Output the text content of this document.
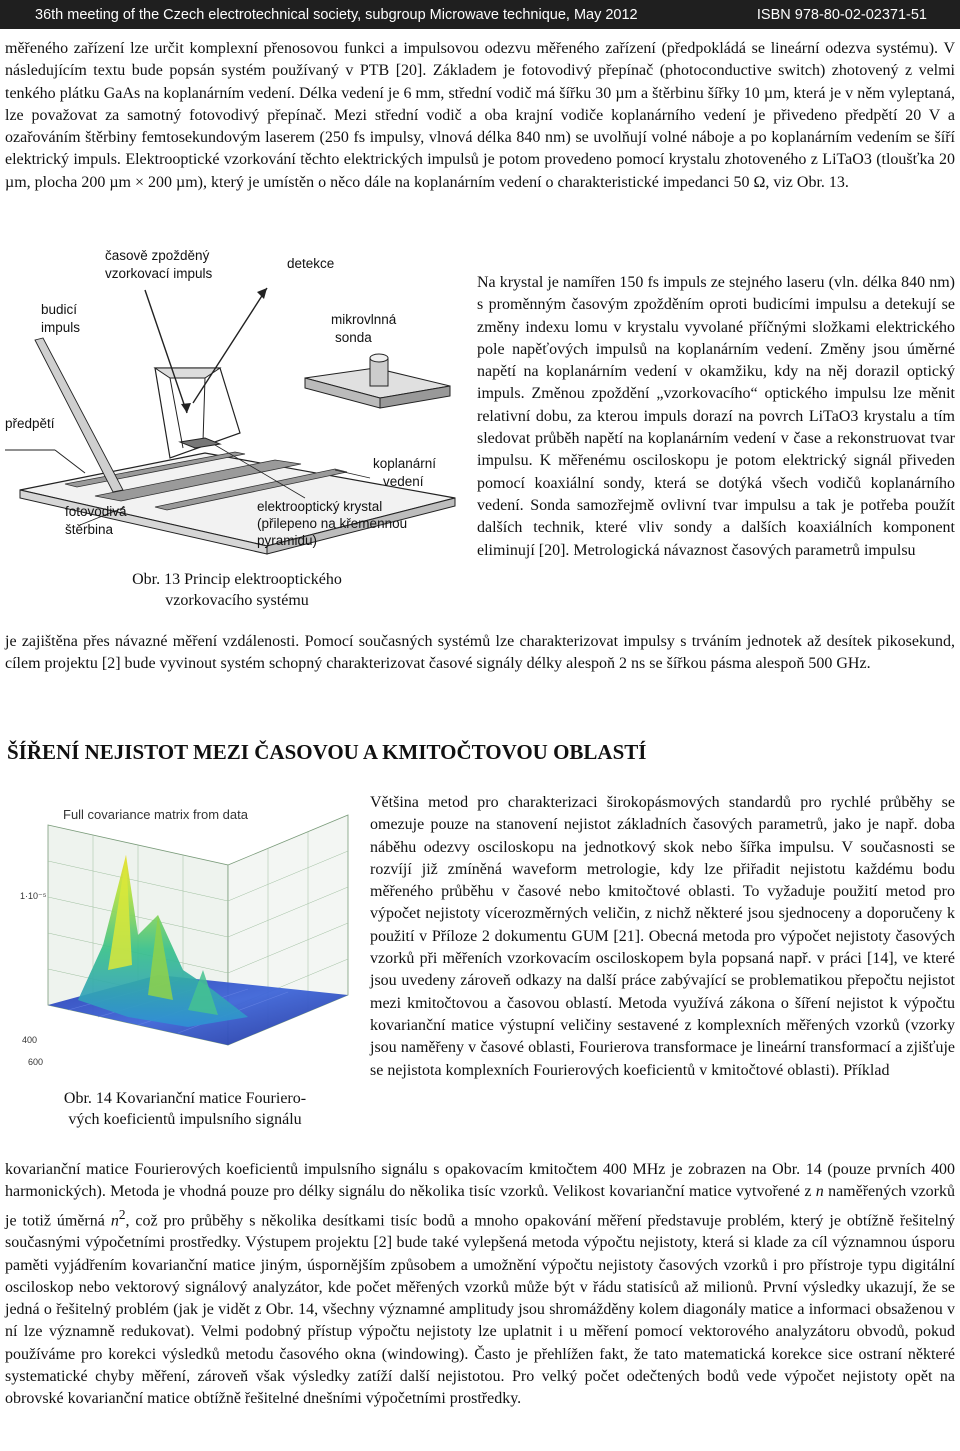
36th meeting of the Czech electrotechnical society, subgroup Microwave technique, May 2012	ISBN 978-80-02-02371-51

měřeného zařízení lze určit komplexní přenosovou funkci a impulsovou odezvu měřeného zařízení (předpokládá se lineární odezva systému). V následujícím textu bude popsán systém používaný v PTB [20]. Základem je fotovodivý přepínač (photoconductive switch) zhotovený z velmi tenkého plátku GaAs na koplanárním vedení. Délka vedení je 6 mm, střední vodič má šířku 30 µm a štěrbinu šířky 10 µm, která je v něm vyleptaná, lze považovat za samotný fotovodivý přepínač. Mezi střední vodič a oba krajní vodiče koplanárního vedení je přivedeno předpětí 20 V a ozařováním štěrbiny femtosekundovým laserem (250 fs impulsy, vlnová délka 840 nm) se uvolňují volné náboje a po koplanárním vedením se šíří elektrický impuls. Elektrooptické vzorkování těchto elektrických impulsů je potom provedeno pomocí krystalu zhotoveného z LiTaO3 (tloušťka 20 µm, plocha 200 µm × 200 µm), který je umístěn o něco dále na koplanárním vedení o charakteristické impedanci 50 Ω, viz Obr. 13.

časově zpožděný
vzorkovací impuls
detekce
budicí
impuls
mikrovlnná
sonda
předpětí
koplanární
vedení
fotovodivá
štěrbina
elektrooptický krystal
(přilepeno na křemennou
pyramidu)
Obr. 13 Princip elektrooptického
vzorkovacího systému

Na krystal je namířen 150 fs impuls ze stejného laseru (vln. délka 840 nm) s proměnným časovým zpožděním oproti budicími impulsu a detekují se změny indexu lomu v krystalu vyvolané příčnými složkami elektrického pole napěťových impulsů na koplanárním vedení. Změny jsou úměrné napětí na koplanárním vedení v okamžiku, kdy na něj dorazil optický impuls. Změnou zpoždění „vzorkovacího“ optického impulsu lze měnit relativní dobu, za kterou impuls dorazí na povrch LiTaO3 krystalu a tím sledovat průběh napětí na koplanárním vedení v čase a rekonstruovat tvar impulsu. K měřenému osciloskopu je potom elektrický signál přiveden pomocí koaxiální sondy, která se dotýká všech vodičů koplanárního vedení. Sonda samozřejmě ovlivní tvar impulsu a tak je potřeba použít dalších technik, které vliv sondy a dalších koaxiálních komponent eliminují [20]. Metrologická návaznost časových parametrů impulsu

je zajištěna přes návazné měření vzdálenosti. Pomocí současných systémů lze charakterizovat impulsy s trváním jednotek až desítek pikosekund, cílem projektu [2] bude vyvinout systém schopný charakterizovat časové signály délky alespoň 2 ns se šířkou pásma alespoň 500 GHz.

ŠÍŘENÍ NEJISTOT MEZI ČASOVOU A KMITOČTOVOU OBLASTÍ
Full covariance matrix from data
1·10⁻⁵
400
600
Obr. 14 Kovarianční matice Fouriero-
vých koeficientů impulsního signálu

Většina metod pro charakterizaci širokopásmových standardů pro rychlé průběhy se omezuje pouze na stanovení nejistot základních časových parametrů, jako je např. doba náběhu odezvy osciloskopu na jednotkový skok nebo šířka impulsu. V současnosti se rozvíjí již zmíněná waveform metrologie, kdy lze přiřadit nejistotu každému bodu měřeného průběhu v časové nebo kmitočtové oblasti. To vyžaduje použití metod pro výpočet nejistoty vícerozměrných veličin, z nichž některé jsou sjednoceny a doporučeny k použití v Příloze 2 dokumentu GUM [21]. Obecná metoda pro výpočet nejistoty časových vzorků při měřeních vzorkovacím osciloskopem byla popsaná např. v práci [14], ve které jsou uvedeny zároveň odkazy na další práce zabývající se problematikou přepočtu nejistot mezi kmitočtovou a časovou oblastí. Metoda využívá zákona o šíření nejistot k výpočtu kovarianční matice výstupní veličiny sestavené z komplexních měřených vzorků (vzorky jsou naměřeny v časové oblasti, Fourierova transformace je lineární transformací a zjišťuje se nejistota komplexních Fourierových koeficientů v kmitočtové oblasti). Příklad

kovarianční matice Fourierových koeficientů impulsního signálu s opakovacím kmitočtem 400 MHz je zobrazen na Obr. 14 (pouze prvních 400 harmonických). Metoda je vhodná pouze pro délky signálu do několika tisíc vzorků. Velikost kovarianční matice vytvořené z n naměřených vzorků je totiž úměrná $n^2$, což pro průběhy s několika desítkami tisíc bodů a mnoho opakování měření představuje problém, který je obtížně řešitelný současnými výpočetními prostředky. Výstupem projektu [2] bude také vylepšená metoda výpočtu nejistoty, která si klade za cíl významnou úsporu paměti vyjádřením kovarianční matice jiným, úspornějším způsobem a umožnění výpočtu nejistoty časových vzorků i pro přístroje typu digitální osciloskop nebo vektorový signálový analyzátor, kde počet měřených vzorků může být v řádu statisíců až milionů. První výsledky ukazují, že se jedná o řešitelný problém (jak je vidět z Obr. 14, všechny významné amplitudy jsou shromážděny kolem diagonály matice a informaci obsaženou v ní lze významně redukovat). Velmi podobný přístup výpočtu nejistoty lze uplatnit i u měření pomocí vektorového analyzátoru obvodů, pokud používáme pro korekci výsledků metodu časového okna (windowing). Často je přehlížen fakt, že tato matematická korekce sice ostraní některé systematické chyby měření, zároveň však výsledky zatíží další nejistotou. Pro velký počet odečtených bodů vede výpočet nejistoty opět na obrovské kovarianční matice obtížně řešitelné dnešními výpočetními prostředky.
